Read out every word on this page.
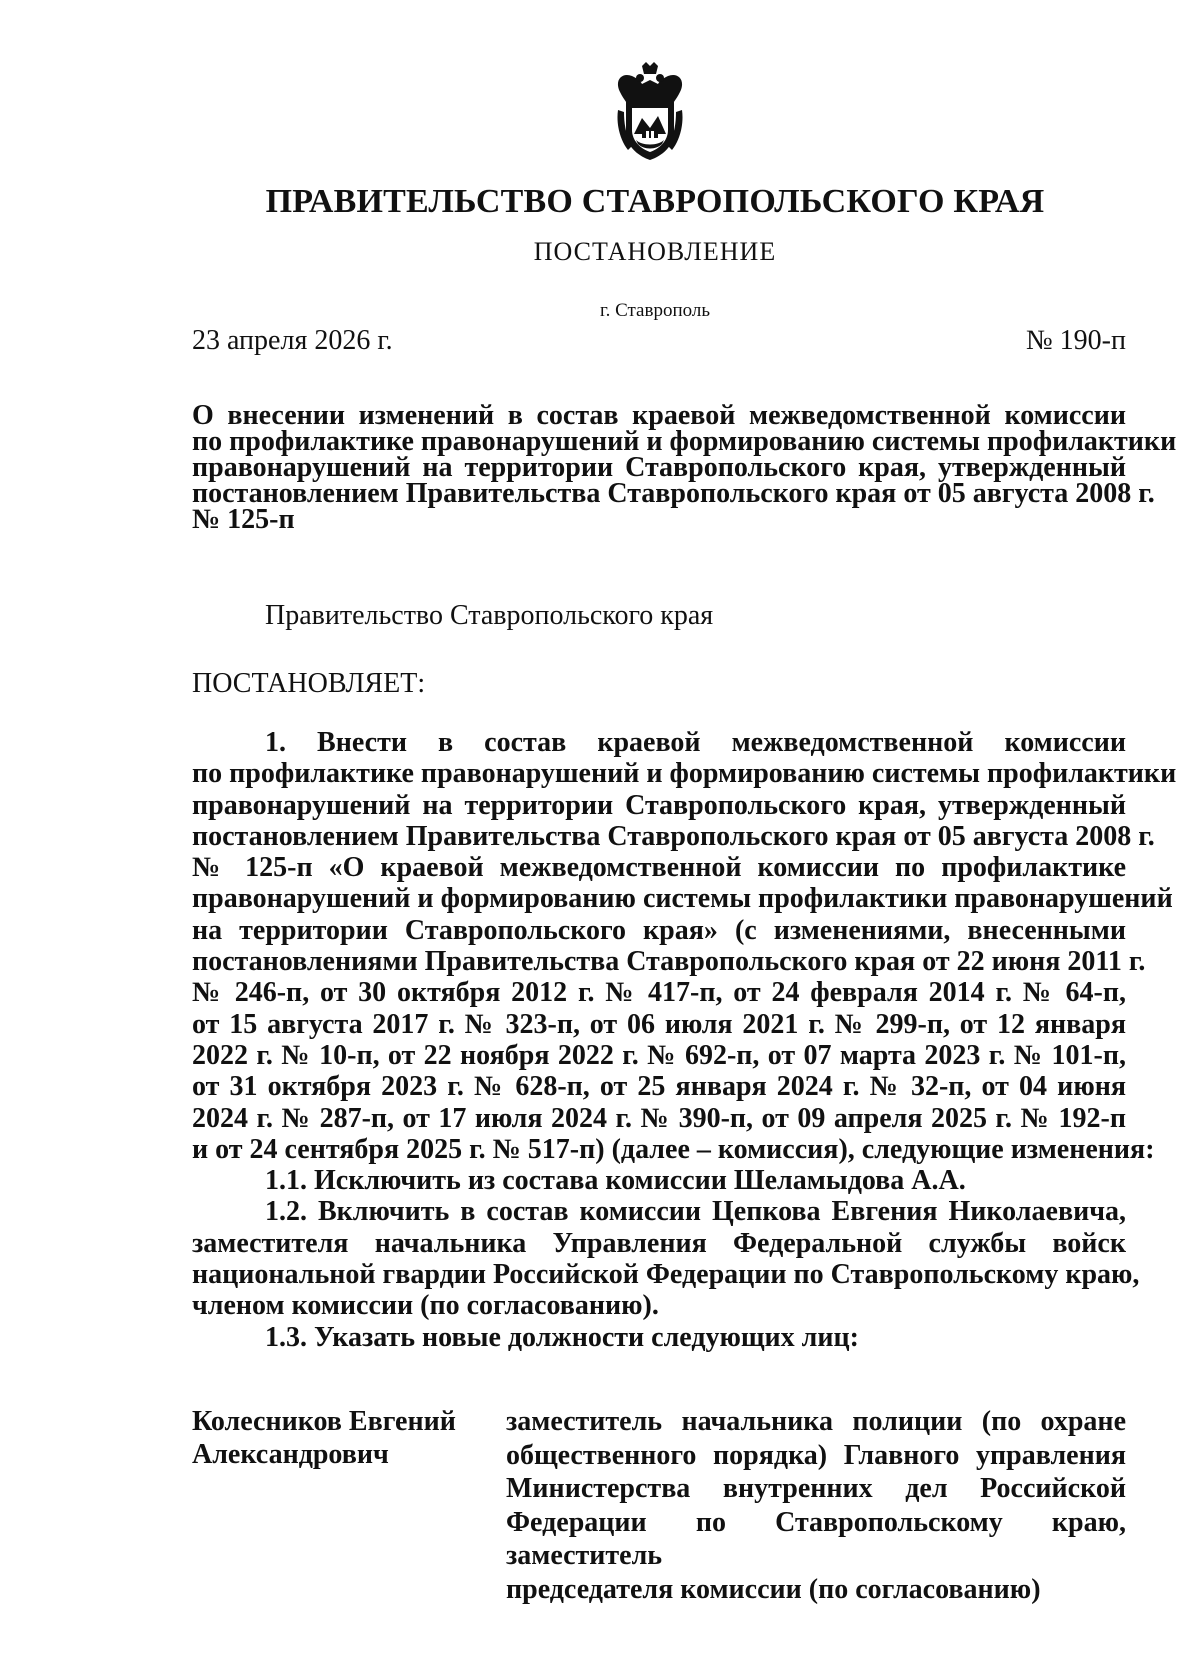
ПРАВИТЕЛЬСТВО СТАВРОПОЛЬСКОГО КРАЯ
ПОСТАНОВЛЕНИЕ
г. Ставрополь
23 апреля 2026 г.	№ 190-п
О внесении изменений в состав краевой межведомственной комиссии
по профилактике правонарушений и формированию системы профилактики
правонарушений на территории Ставропольского края, утвержденный
постановлением Правительства Ставропольского края от 05 августа 2008 г.
№ 125-п
Правительство Ставропольского края
ПОСТАНОВЛЯЕТ:
1. Внести в состав краевой межведомственной комиссии
по профилактике правонарушений и формированию системы профилактики
правонарушений на территории Ставропольского края, утвержденный
постановлением Правительства Ставропольского края от 05 августа 2008 г.
№ 125-п «О краевой межведомственной комиссии по профилактике
правонарушений и формированию системы профилактики правонарушений
на территории Ставропольского края» (с изменениями, внесенными
постановлениями Правительства Ставропольского края от 22 июня 2011 г.
№ 246-п, от 30 октября 2012 г. № 417-п, от 24 февраля 2014 г. № 64-п,
от 15 августа 2017 г. № 323-п, от 06 июля 2021 г. № 299-п, от 12 января
2022 г. № 10-п, от 22 ноября 2022 г. № 692-п, от 07 марта 2023 г. № 101-п,
от 31 октября 2023 г. № 628-п, от 25 января 2024 г. № 32-п, от 04 июня
2024 г. № 287-п, от 17 июля 2024 г. № 390-п, от 09 апреля 2025 г. № 192-п
и от 24 сентября 2025 г. № 517-п) (далее – комиссия), следующие изменения:
1.1. Исключить из состава комиссии Шеламыдова А.А.
1.2. Включить в состав комиссии Цепкова Евгения Николаевича,
заместителя начальника Управления Федеральной службы войск
национальной гвардии Российской Федерации по Ставропольскому краю,
членом комиссии (по согласованию).
1.3. Указать новые должности следующих лиц:
Колесников Евгений
Александрович
заместитель начальника полиции (по охране
общественного порядка) Главного управления
Министерства внутренних дел Российской
Федерации по Ставропольскому краю, заместитель
председателя комиссии (по согласованию)
